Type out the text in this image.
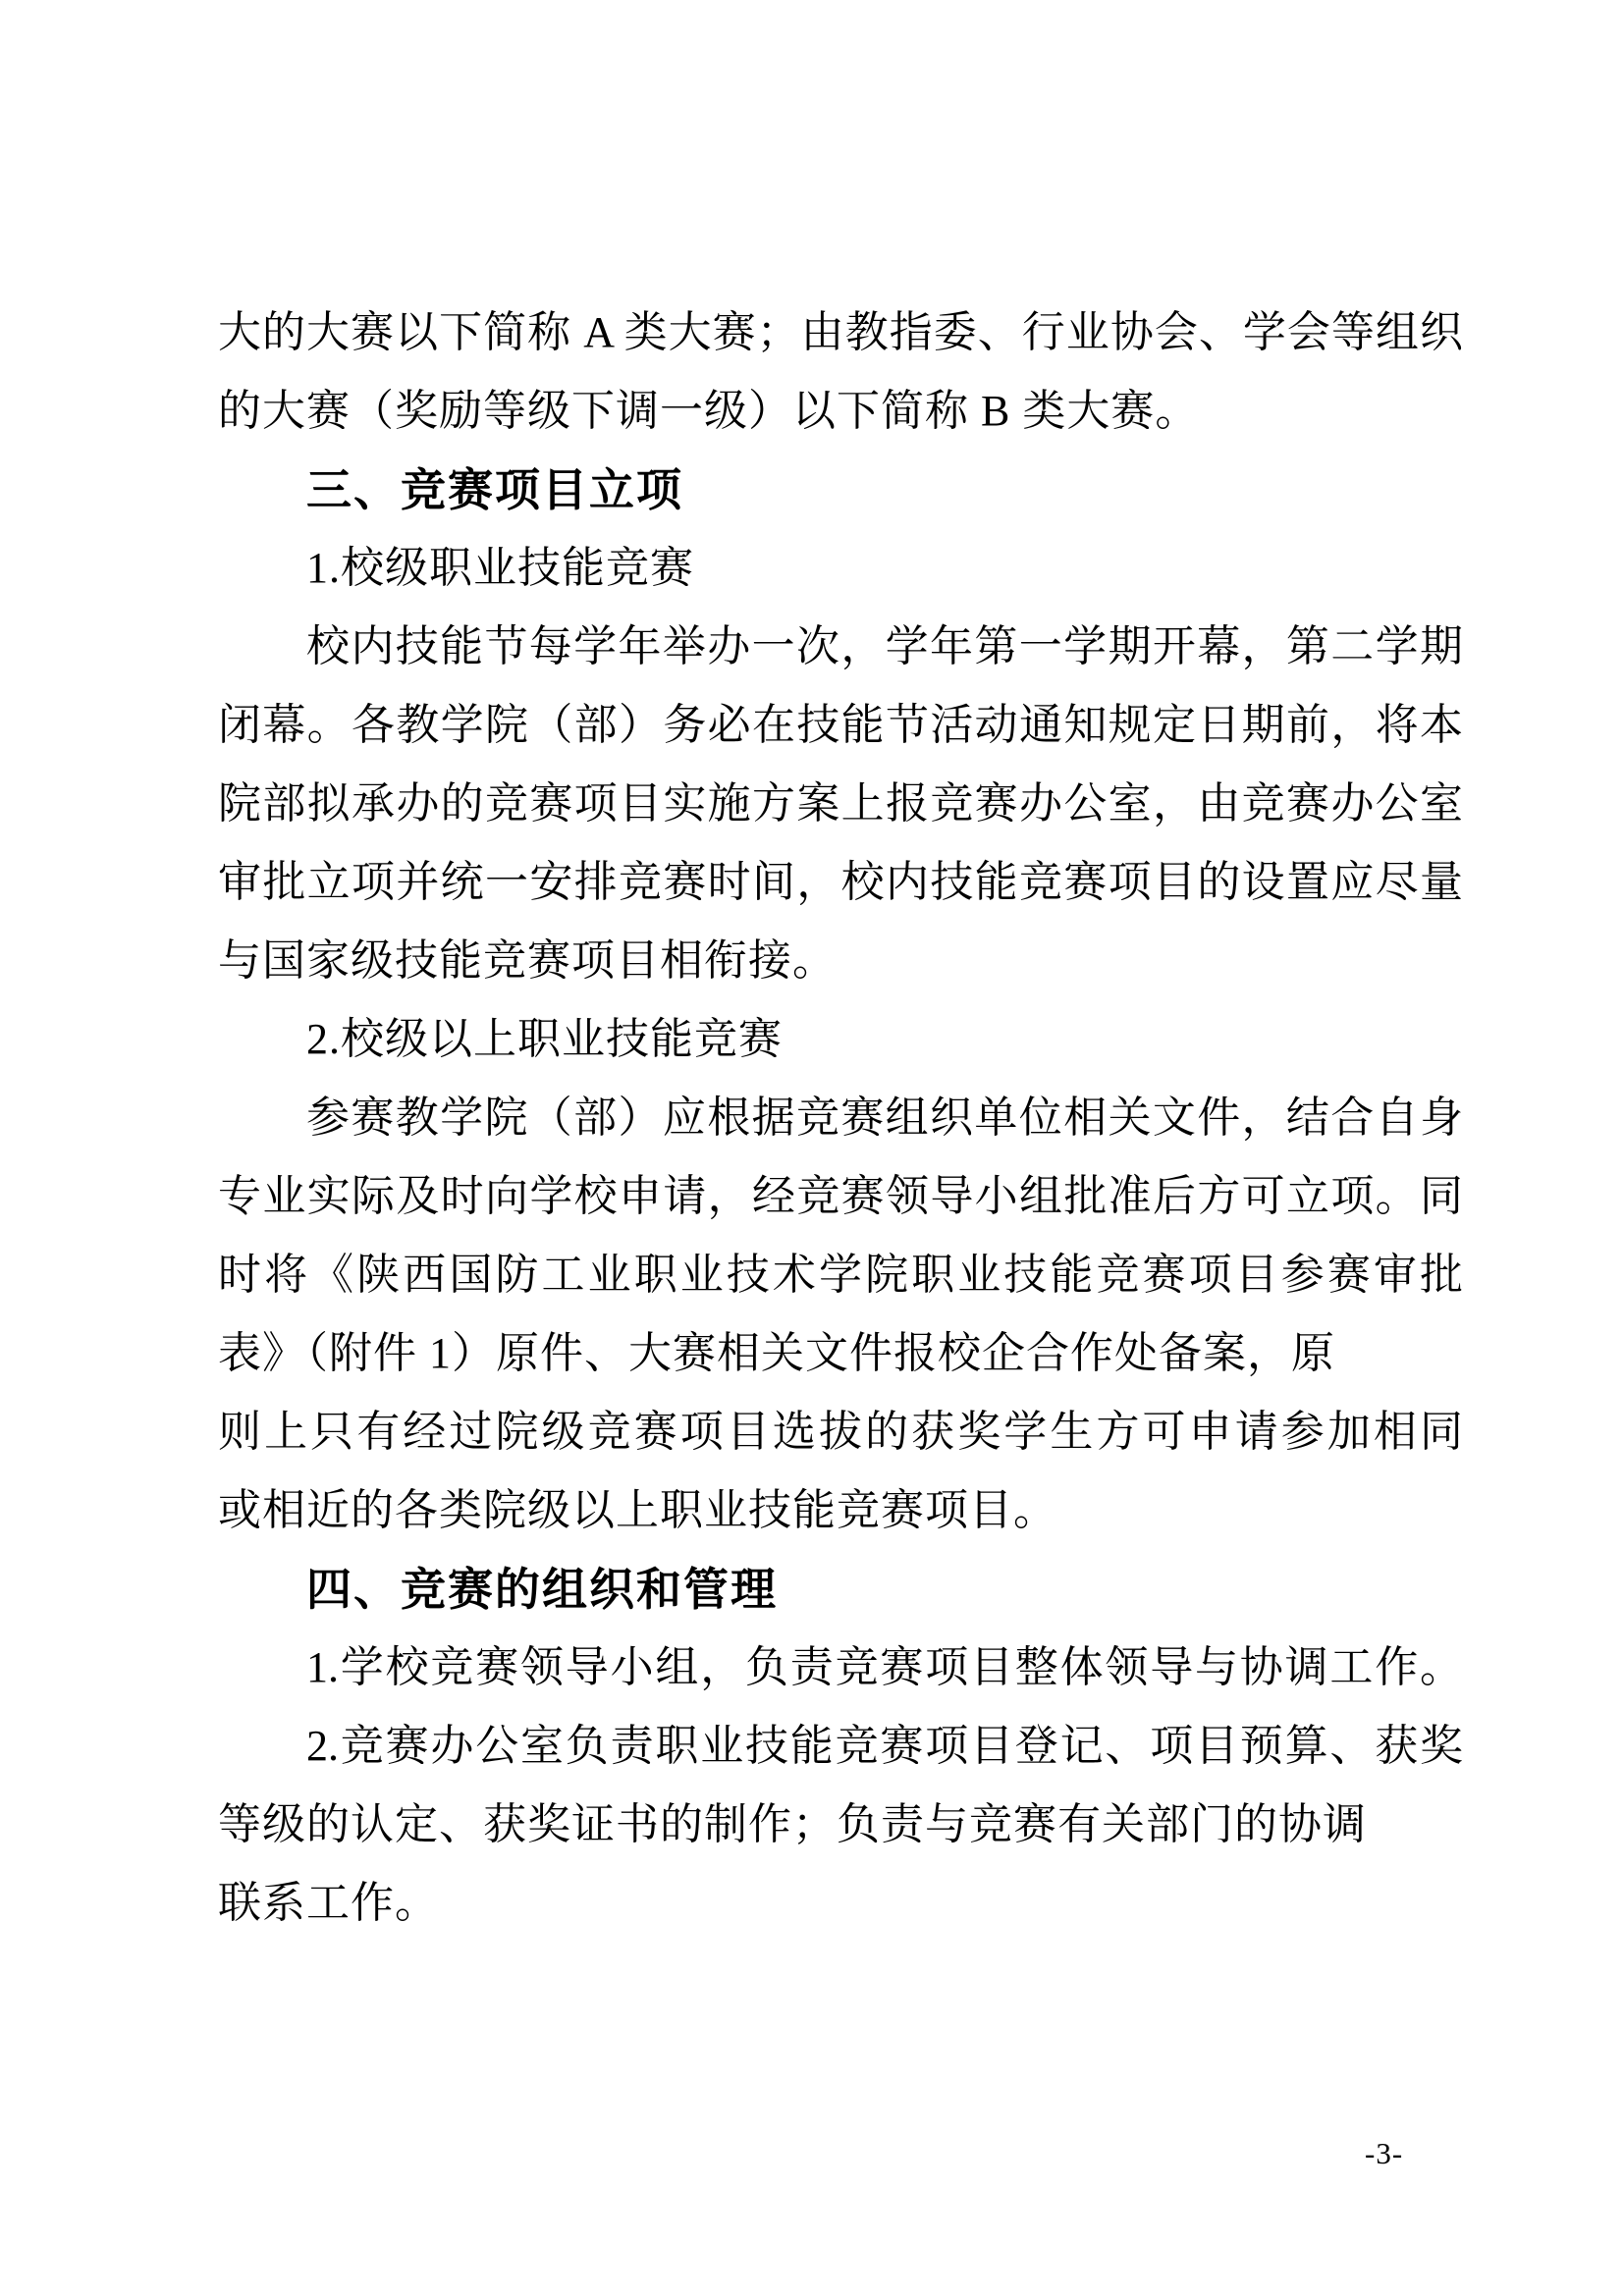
大的大赛以下简称 A 类大赛；由教指委、行业协会、学会等组织
的大赛（奖励等级下调一级）以下简称 B 类大赛。
三、竞赛项目立项
1.校级职业技能竞赛
校内技能节每学年举办一次，学年第一学期开幕，第二学期
闭幕。各教学院（部）务必在技能节活动通知规定日期前，将本
院部拟承办的竞赛项目实施方案上报竞赛办公室，由竞赛办公室
审批立项并统一安排竞赛时间，校内技能竞赛项目的设置应尽量
与国家级技能竞赛项目相衔接。
2.校级以上职业技能竞赛
参赛教学院（部）应根据竞赛组织单位相关文件，结合自身
专业实际及时向学校申请，经竞赛领导小组批准后方可立项。同
时将《陕西国防工业职业技术学院职业技能竞赛项目参赛审批
表》（附件 1）原件、大赛相关文件报校企合作处备案，原
则上只有经过院级竞赛项目选拔的获奖学生方可申请参加相同
或相近的各类院级以上职业技能竞赛项目。
四、竞赛的组织和管理
1.学校竞赛领导小组，负责竞赛项目整体领导与协调工作。
2.竞赛办公室负责职业技能竞赛项目登记、项目预算、获奖
等级的认定、获奖证书的制作；负责与竞赛有关部门的协调
联系工作。
-3-
